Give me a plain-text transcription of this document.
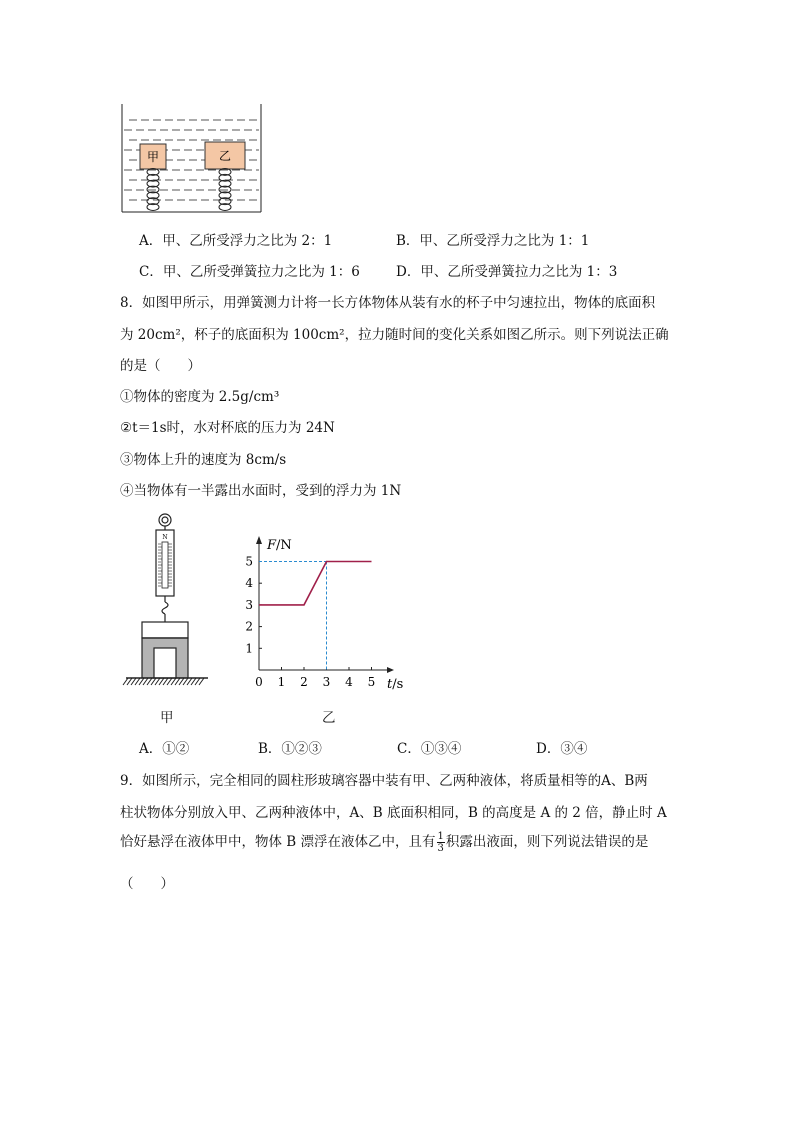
甲	乙
A．甲、乙所受浮力之比为 2：1	B．甲、乙所受浮力之比为 1：1
C．甲、乙所受弹簧拉力之比为 1：6	D．甲、乙所受弹簧拉力之比为 1：3
8．如图甲所示，用弹簧测力计将一长方体物体从装有水的杯子中匀速拉出，物体的底面积
为 20cm²，杯子的底面积为 100cm²，拉力随时间的变化关系如图乙所示。则下列说法正确
的是（　　）
①物体的密度为 2.5g/cm³
②t＝1s时，水对杯底的压力为 24N
③物体上升的速度为 8cm/s
④当物体有一半露出水面时，受到的浮力为 1N
N
甲
0 1 2 3 4 5
1
2
3
4
5
F/N
t/s
乙
A．①②	B．①②③	C．①③④	D．③④
9．如图所示，完全相同的圆柱形玻璃容器中装有甲、乙两种液体，将质量相等的A、B两
柱状物体分别放入甲、乙两种液体中，A、B 底面积相同，B 的高度是 A 的 2 倍，静止时 A
恰好悬浮在液体甲中，物体 B 漂浮在液体乙中，且有 $\frac{1}{3}$ 积露出液面，则下列说法错误的是
（　　）
